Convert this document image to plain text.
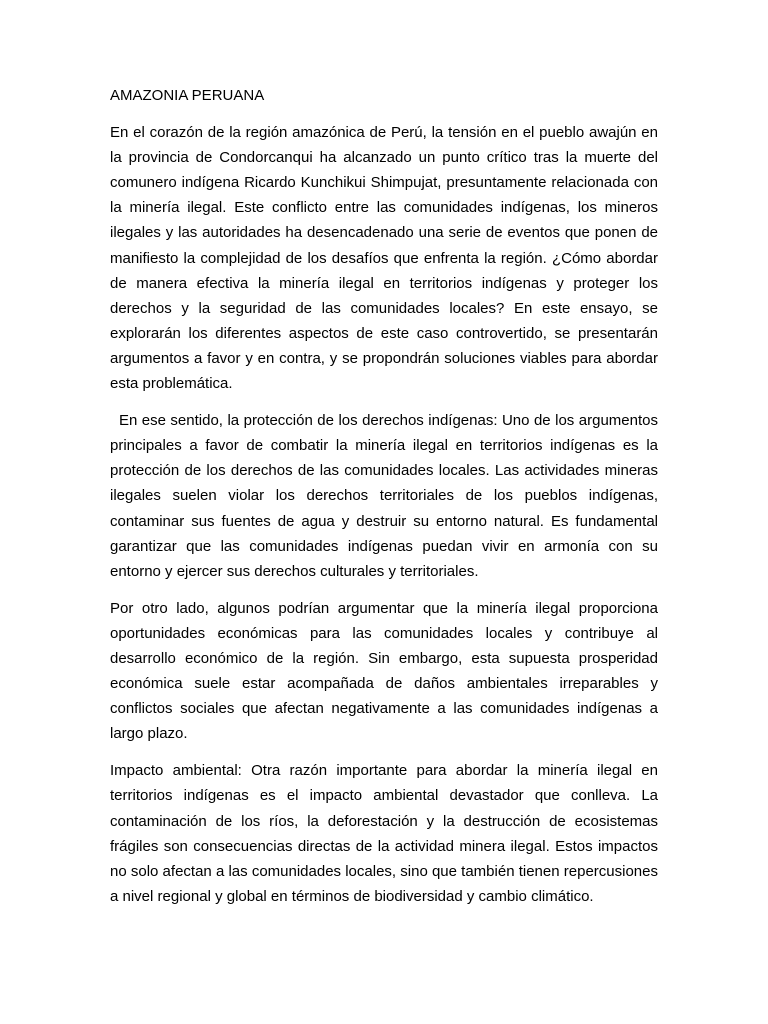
AMAZONIA PERUANA

En el corazón de la región amazónica de Perú, la tensión en el pueblo awajún en la provincia de Condorcanqui ha alcanzado un punto crítico tras la muerte del comunero indígena Ricardo Kunchikui Shimpujat, presuntamente relacionada con la minería ilegal. Este conflicto entre las comunidades indígenas, los mineros ilegales y las autoridades ha desencadenado una serie de eventos que ponen de manifiesto la complejidad de los desafíos que enfrenta la región. ¿Cómo abordar de manera efectiva la minería ilegal en territorios indígenas y proteger los derechos y la seguridad de las comunidades locales? En este ensayo, se explorarán los diferentes aspectos de este caso controvertido, se presentarán argumentos a favor y en contra, y se propondrán soluciones viables para abordar esta problemática.

En ese sentido, la protección de los derechos indígenas: Uno de los argumentos principales a favor de combatir la minería ilegal en territorios indígenas es la protección de los derechos de las comunidades locales. Las actividades mineras ilegales suelen violar los derechos territoriales de los pueblos indígenas, contaminar sus fuentes de agua y destruir su entorno natural. Es fundamental garantizar que las comunidades indígenas puedan vivir en armonía con su entorno y ejercer sus derechos culturales y territoriales.

Por otro lado, algunos podrían argumentar que la minería ilegal proporciona oportunidades económicas para las comunidades locales y contribuye al desarrollo económico de la región. Sin embargo, esta supuesta prosperidad económica suele estar acompañada de daños ambientales irreparables y conflictos sociales que afectan negativamente a las comunidades indígenas a largo plazo.

Impacto ambiental: Otra razón importante para abordar la minería ilegal en territorios indígenas es el impacto ambiental devastador que conlleva. La contaminación de los ríos, la deforestación y la destrucción de ecosistemas frágiles son consecuencias directas de la actividad minera ilegal. Estos impactos no solo afectan a las comunidades locales, sino que también tienen repercusiones a nivel regional y global en términos de biodiversidad y cambio climático.
